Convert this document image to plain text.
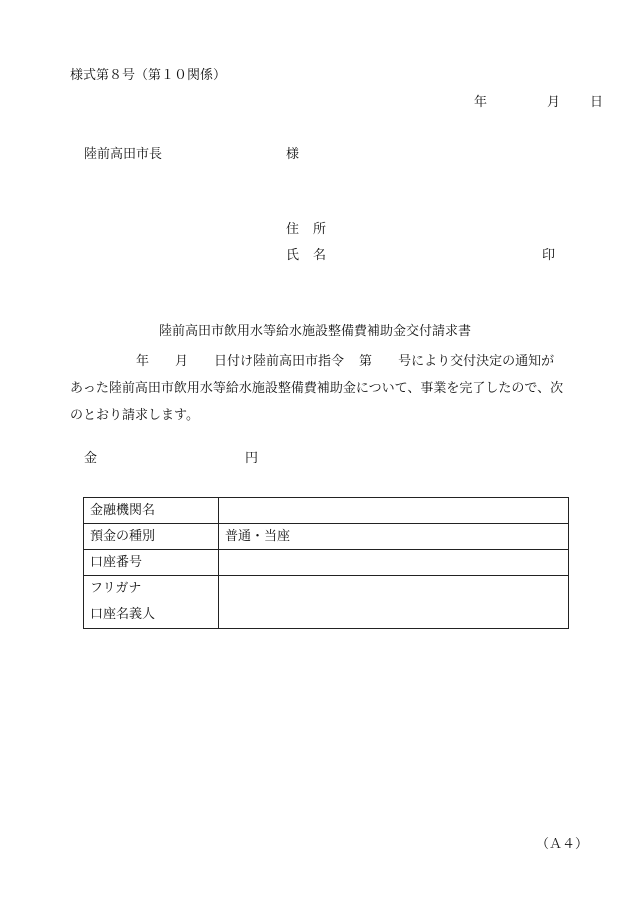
様式第８号（第１０関係）
年	月 日
陸前高田市長	様
住 所
氏 名	印
陸前高田市飲用水等給水施設整備費補助金交付請求書
年 月 日付け陸前高田市指令 第 号により交付決定の通知が
あった陸前高田市飲用水等給水施設整備費補助金について、事業を完了したので、次
のとおり請求します。
金	円
金融機関名	
預金の種別	普通・当座
口座番号	

フリガナ
口座名義人	

（Ａ４）
